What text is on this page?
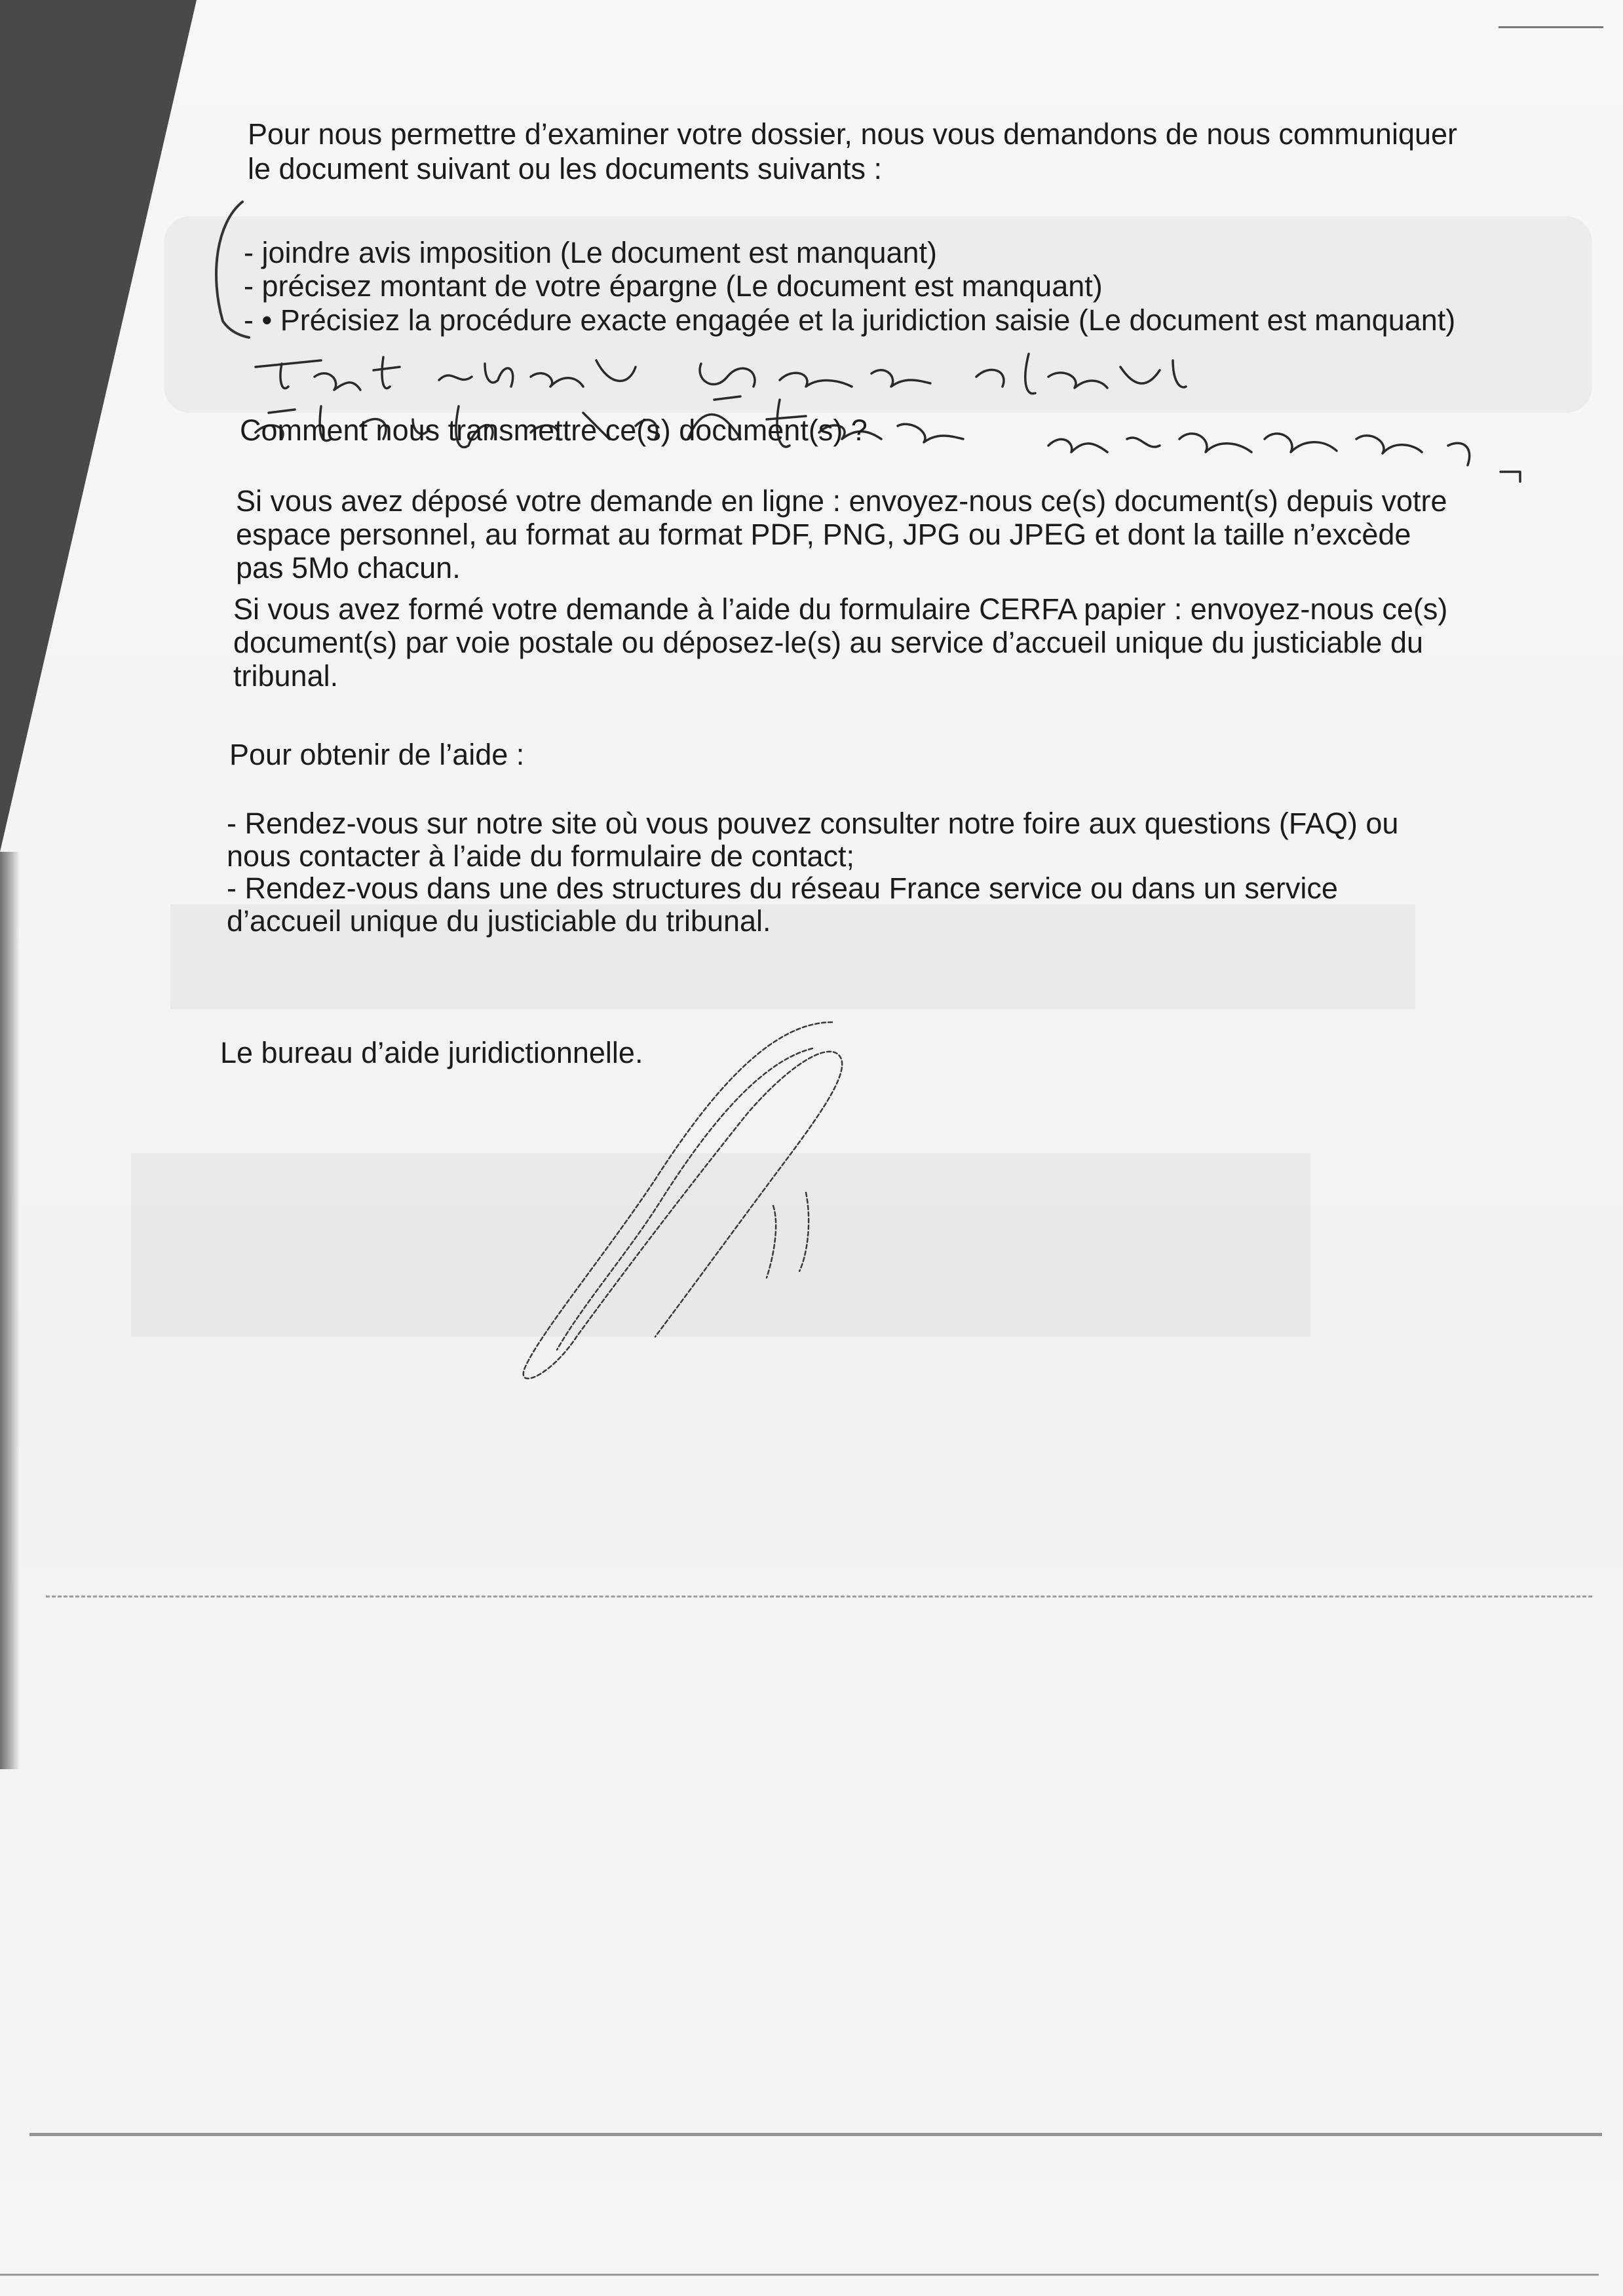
Pour nous permettre d’examiner votre dossier, nous vous demandons de nous communiquer
le document suivant ou les documents suivants :
- joindre avis imposition (Le document est manquant)
- précisez montant de votre épargne (Le document est manquant)
- • Précisiez la procédure exacte engagée et la juridiction saisie (Le document est manquant)
Comment nous transmettre ce(s) document(s) ?
Si vous avez déposé votre demande en ligne : envoyez-nous ce(s) document(s) depuis votre
espace personnel, au format au format PDF, PNG, JPG ou JPEG et dont la taille n’excède
pas 5Mo chacun.
Si vous avez formé votre demande à l’aide du formulaire CERFA papier : envoyez-nous ce(s)
document(s) par voie postale ou déposez-le(s) au service d’accueil unique du justiciable du
tribunal.
Pour obtenir de l’aide :
- Rendez-vous sur notre site où vous pouvez consulter notre foire aux questions (FAQ) ou
nous contacter à l’aide du formulaire de contact;
- Rendez-vous dans une des structures du réseau France service ou dans un service
d’accueil unique du justiciable du tribunal.
Le bureau d’aide juridictionnelle.
